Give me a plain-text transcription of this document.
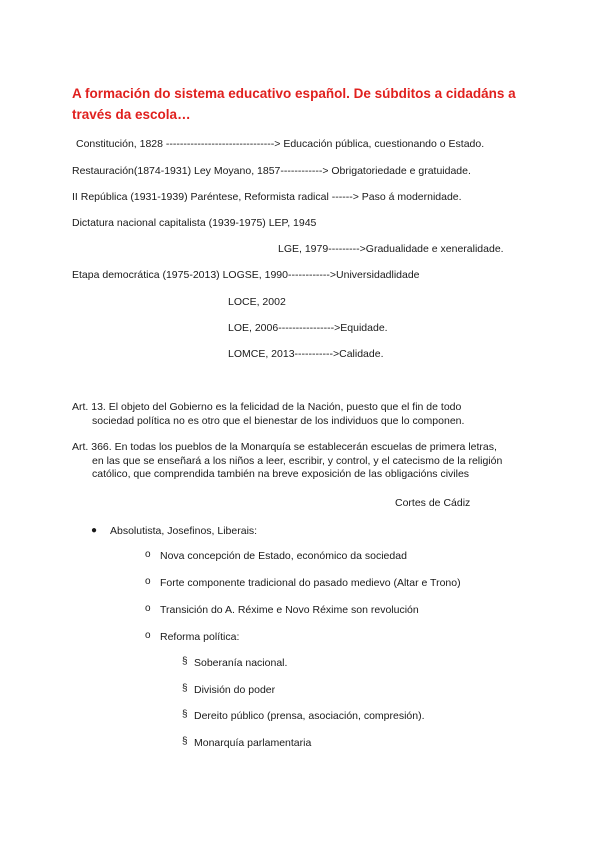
A formación do sistema educativo español. De súbditos a cidadáns a través da escola…
Constitución, 1828 -------------------------------> Educación pública, cuestionando o Estado.
Restauración(1874-1931) Ley Moyano, 1857------------> Obrigatoriedade e gratuidade.
II República (1931-1939) Paréntese, Reformista radical ------> Paso á modernidade.
Dictatura nacional capitalista (1939-1975) LEP, 1945
LGE, 1979--------->Gradualidade e xeneralidade.
Etapa democrática (1975-2013) LOGSE, 1990------------>Universidadlidade
LOCE, 2002
LOE, 2006---------------->Equidade.
LOMCE, 2013----------->Calidade.
Art. 13. El objeto del Gobierno es la felicidad de la Nación, puesto que el fin de todo
sociedad política no es otro que el bienestar de los individuos que lo componen.
Art. 366. En todas los pueblos de la Monarquía se establecerán escuelas de primera letras,
en las que se enseñará a los niños a leer, escribir, y control, y el catecismo de la religión
católico, que comprendida también na breve exposición de las obligacións civiles
Cortes de Cádiz
● Absolutista, Josefinos, Liberais:
o Nova concepción de Estado, económico da sociedad
o Forte componente tradicional do pasado medievo (Altar e Trono)
o Transición do A. Réxime e Novo Réxime son revolución
o Reforma política:
§ Soberanía nacional.
§ División do poder
§ Dereito público (prensa, asociación, compresión).
§ Monarquía parlamentaria
